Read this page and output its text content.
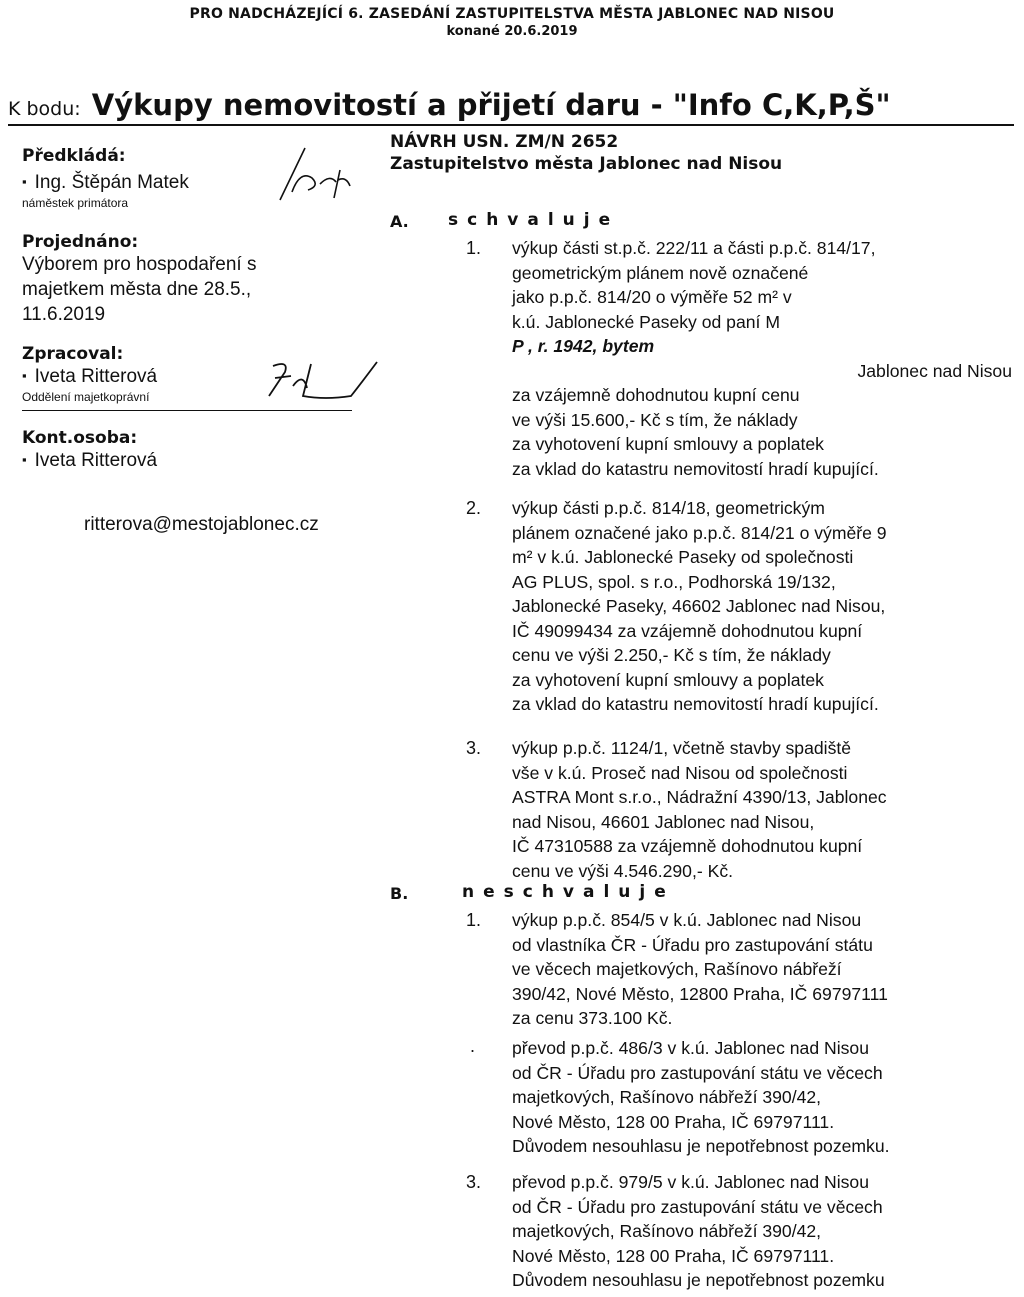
PRO NADCHÁZEJÍCÍ 6. ZASEDÁNÍ ZASTUPITELSTVA MĚSTA JABLONEC NAD NISOU
konané 20.6.2019
K bodu: Výkupy nemovitostí a přijetí daru - "Info C,K,P,Š"
Předkládá:
▪ Ing. Štěpán Matek
náměstek primátora
Projednáno:
Výborem pro hospodaření s
majetkem města dne 28.5.,
11.6.2019
Zpracoval:
▪ Iveta Ritterová
Oddělení majetkoprávní
Kont.osoba:
▪ Iveta Ritterová
ritterova@mestojablonec.cz
NÁVRH USN. ZM/N 2652
Zastupitelstvo města Jablonec nad Nisou
A. schvaluje
1. výkup části st.p.č. 222/11 a části p.p.č. 814/17,
geometrickým plánem nově označené
jako p.p.č. 814/20 o výměře 52 m² v
k.ú. Jablonecké Paseky od paní M
P , r. 1942, bytem
Jablonec nad Nisou
za vzájemně dohodnutou kupní cenu
ve výši 15.600,- Kč s tím, že náklady
za vyhotovení kupní smlouvy a poplatek
za vklad do katastru nemovitostí hradí kupující.
2. výkup části p.p.č. 814/18, geometrickým
plánem označené jako p.p.č. 814/21 o výměře 9
m² v k.ú. Jablonecké Paseky od společnosti
AG PLUS, spol. s r.o., Podhorská 19/132,
Jablonecké Paseky, 46602 Jablonec nad Nisou,
IČ 49099434 za vzájemně dohodnutou kupní
cenu ve výši 2.250,- Kč s tím, že náklady
za vyhotovení kupní smlouvy a poplatek
za vklad do katastru nemovitostí hradí kupující.
3. výkup p.p.č. 1124/1, včetně stavby spadiště
vše v k.ú. Proseč nad Nisou od společnosti
ASTRA Mont s.r.o., Nádražní 4390/13, Jablonec
nad Nisou, 46601 Jablonec nad Nisou,
IČ 47310588 za vzájemně dohodnutou kupní
cenu ve výši 4.546.290,- Kč.
B.	neschvaluje
1. výkup p.p.č. 854/5 v k.ú. Jablonec nad Nisou
od vlastníka ČR - Úřadu pro zastupování státu
ve věcech majetkových, Rašínovo nábřeží
390/42, Nové Město, 12800 Praha, IČ 69797111
za cenu 373.100 Kč.
. převod p.p.č. 486/3 v k.ú. Jablonec nad Nisou
od ČR - Úřadu pro zastupování státu ve věcech
majetkových, Rašínovo nábřeží 390/42,
Nové Město, 128 00 Praha, IČ 69797111.
Důvodem nesouhlasu je nepotřebnost pozemku.
3. převod p.p.č. 979/5 v k.ú. Jablonec nad Nisou
od ČR - Úřadu pro zastupování státu ve věcech
majetkových, Rašínovo nábřeží 390/42,
Nové Město, 128 00 Praha, IČ 69797111.
Důvodem nesouhlasu je nepotřebnost pozemku
